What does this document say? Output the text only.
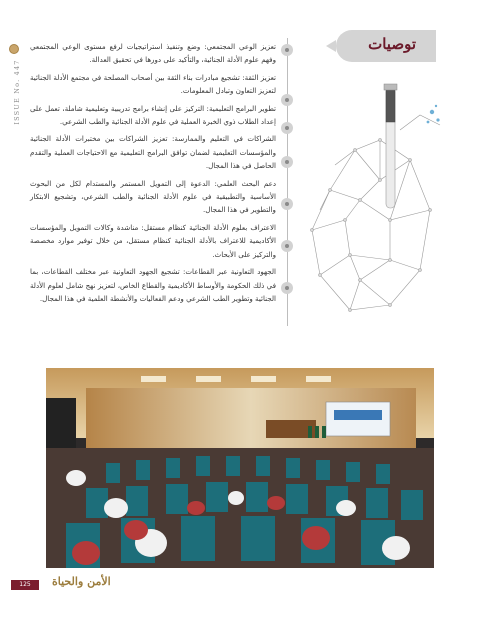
ISSUE No. 447
توصيات

تعزيز الوعي المجتمعي: وضع وتنفيذ استراتيجيات لرفع مستوى الوعي المجتمعي وفهم علوم الأدلة الجنائية، والتأكيد على دورها في تحقيق العدالة.

تعزيز الثقة: تشجيع مبادرات بناء الثقة بين أصحاب المصلحة في مجتمع الأدلة الجنائية لتعزيز التعاون وتبادل المعلومات.

تطوير البرامج التعليمية: التركيز على إنشاء برامج تدريبية وتعليمية شاملة، تعمل على إعداد الطلاب ذوي الخبرة العملية في علوم الأدلة الجنائية والطب الشرعي.

الشراكات في التعليم والممارسة: تعزيز الشراكات بين مختبرات الأدلة الجنائية والمؤسسات التعليمية لضمان توافق البرامج التعليمية مع الاحتياجات العملية والتقدم الحاصل في هذا المجال.

دعم البحث العلمي: الدعوة إلى التمويل المستمر والمستدام لكل من البحوث الأساسية والتطبيقية في علوم الأدلة الجنائية والطب الشرعي، وتشجيع الابتكار والتطوير في هذا المجال.

الاعتراف بعلوم الأدلة الجنائية كنظام مستقل: مناشدة وكالات التمويل والمؤسسات الأكاديمية للاعتراف بالأدلة الجنائية كنظام مستقل، من خلال توفير موارد مخصصة والتركيز على الأبحاث.

الجهود التعاونية عبر القطاعات: تشجيع الجهود التعاونية عبر مختلف القطاعات، بما في ذلك الحكومة والأوساط الأكاديمية والقطاع الخاص، لتعزيز نهج شامل لعلوم الأدلة الجنائية وتطوير الطب الشرعي ودعم الفعاليات والأنشطة العلمية في هذا المجال.

125	الأمن والحياة
